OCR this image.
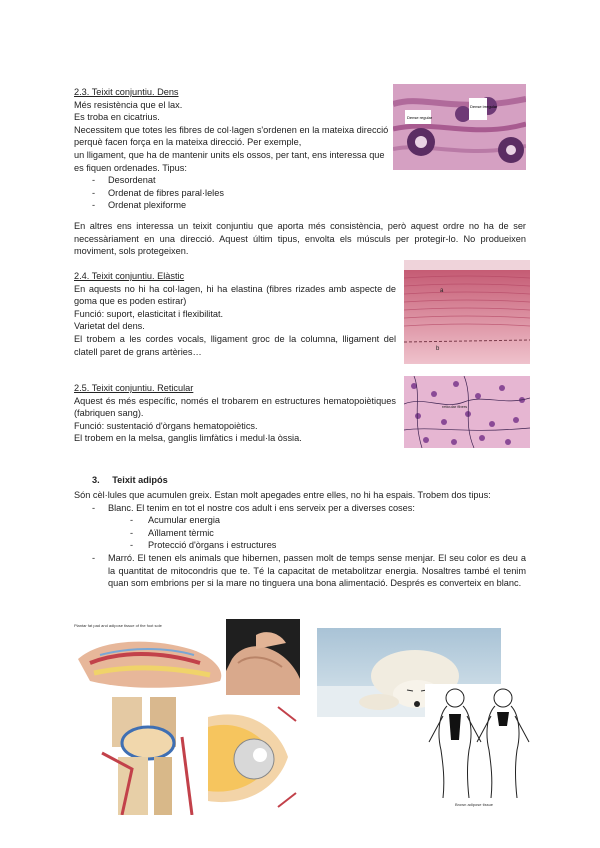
2.3. Teixit conjuntiu. Dens
Més resistència que el lax.
Es troba en cicatrius.
Necessitem que totes les fibres de col·lagen s'ordenen en la mateixa direcció perquè facen força en la mateixa direcció. Per exemple,
un lligament, que ha de mantenir units els ossos, per tant, ens interessa que es fiquen ordenades. Tipus:
- Desordenat
- Ordenat de fibres paral·leles
- Ordenat plexiforme
En altres ens interessa un teixit conjuntiu que aporta més consistència, però aquest ordre no ha de ser necessàriament en una direcció. Aquest últim tipus, envolta els músculs per protegir-lo. No produeixen moviment, sols protegeixen.
Dense regular
Dense irregular
2.4. Teixit conjuntiu. Elàstic
En aquests no hi ha col·lagen, hi ha elastina (fibres rizades amb aspecte de goma que es poden estirar)
Funció: suport, elasticitat i flexibilitat.
Varietat del dens.
El trobem a les cordes vocals, lligament groc de la columna, lligament del clatell paret de grans artèries…
a
b
2.5. Teixit conjuntiu. Reticular
Aquest és més específic, només el trobarem en estructures hematopoiètiques (fabriquen sang).
Funció: sustentació d'òrgans hematopoiètics.
El trobem en la melsa, ganglis limfàtics i medul·la òssia.
reticular fibers
3. Teixit adipós
Són cèl·lules que acumulen greix. Estan molt apegades entre elles, no hi ha espais. Trobem dos tipus:
- Blanc. El tenim en tot el nostre cos adult i ens serveix per a diverses coses:
- Acumular energia
- Aïllament tèrmic
- Protecció d'òrgans i estructures
- Marró. El tenen els animals que hibernen, passen molt de temps sense menjar. El seu color es deu a la quantitat de mitocondris que te. Té la capacitat de metabolitzar energia. Nosaltres també el tenim quan som embrions per si la mare no tinguera una bona alimentació. Després es converteix en blanc.
Plantar fat pad and adipose tissue of the foot sole
Brown adipose tissue
